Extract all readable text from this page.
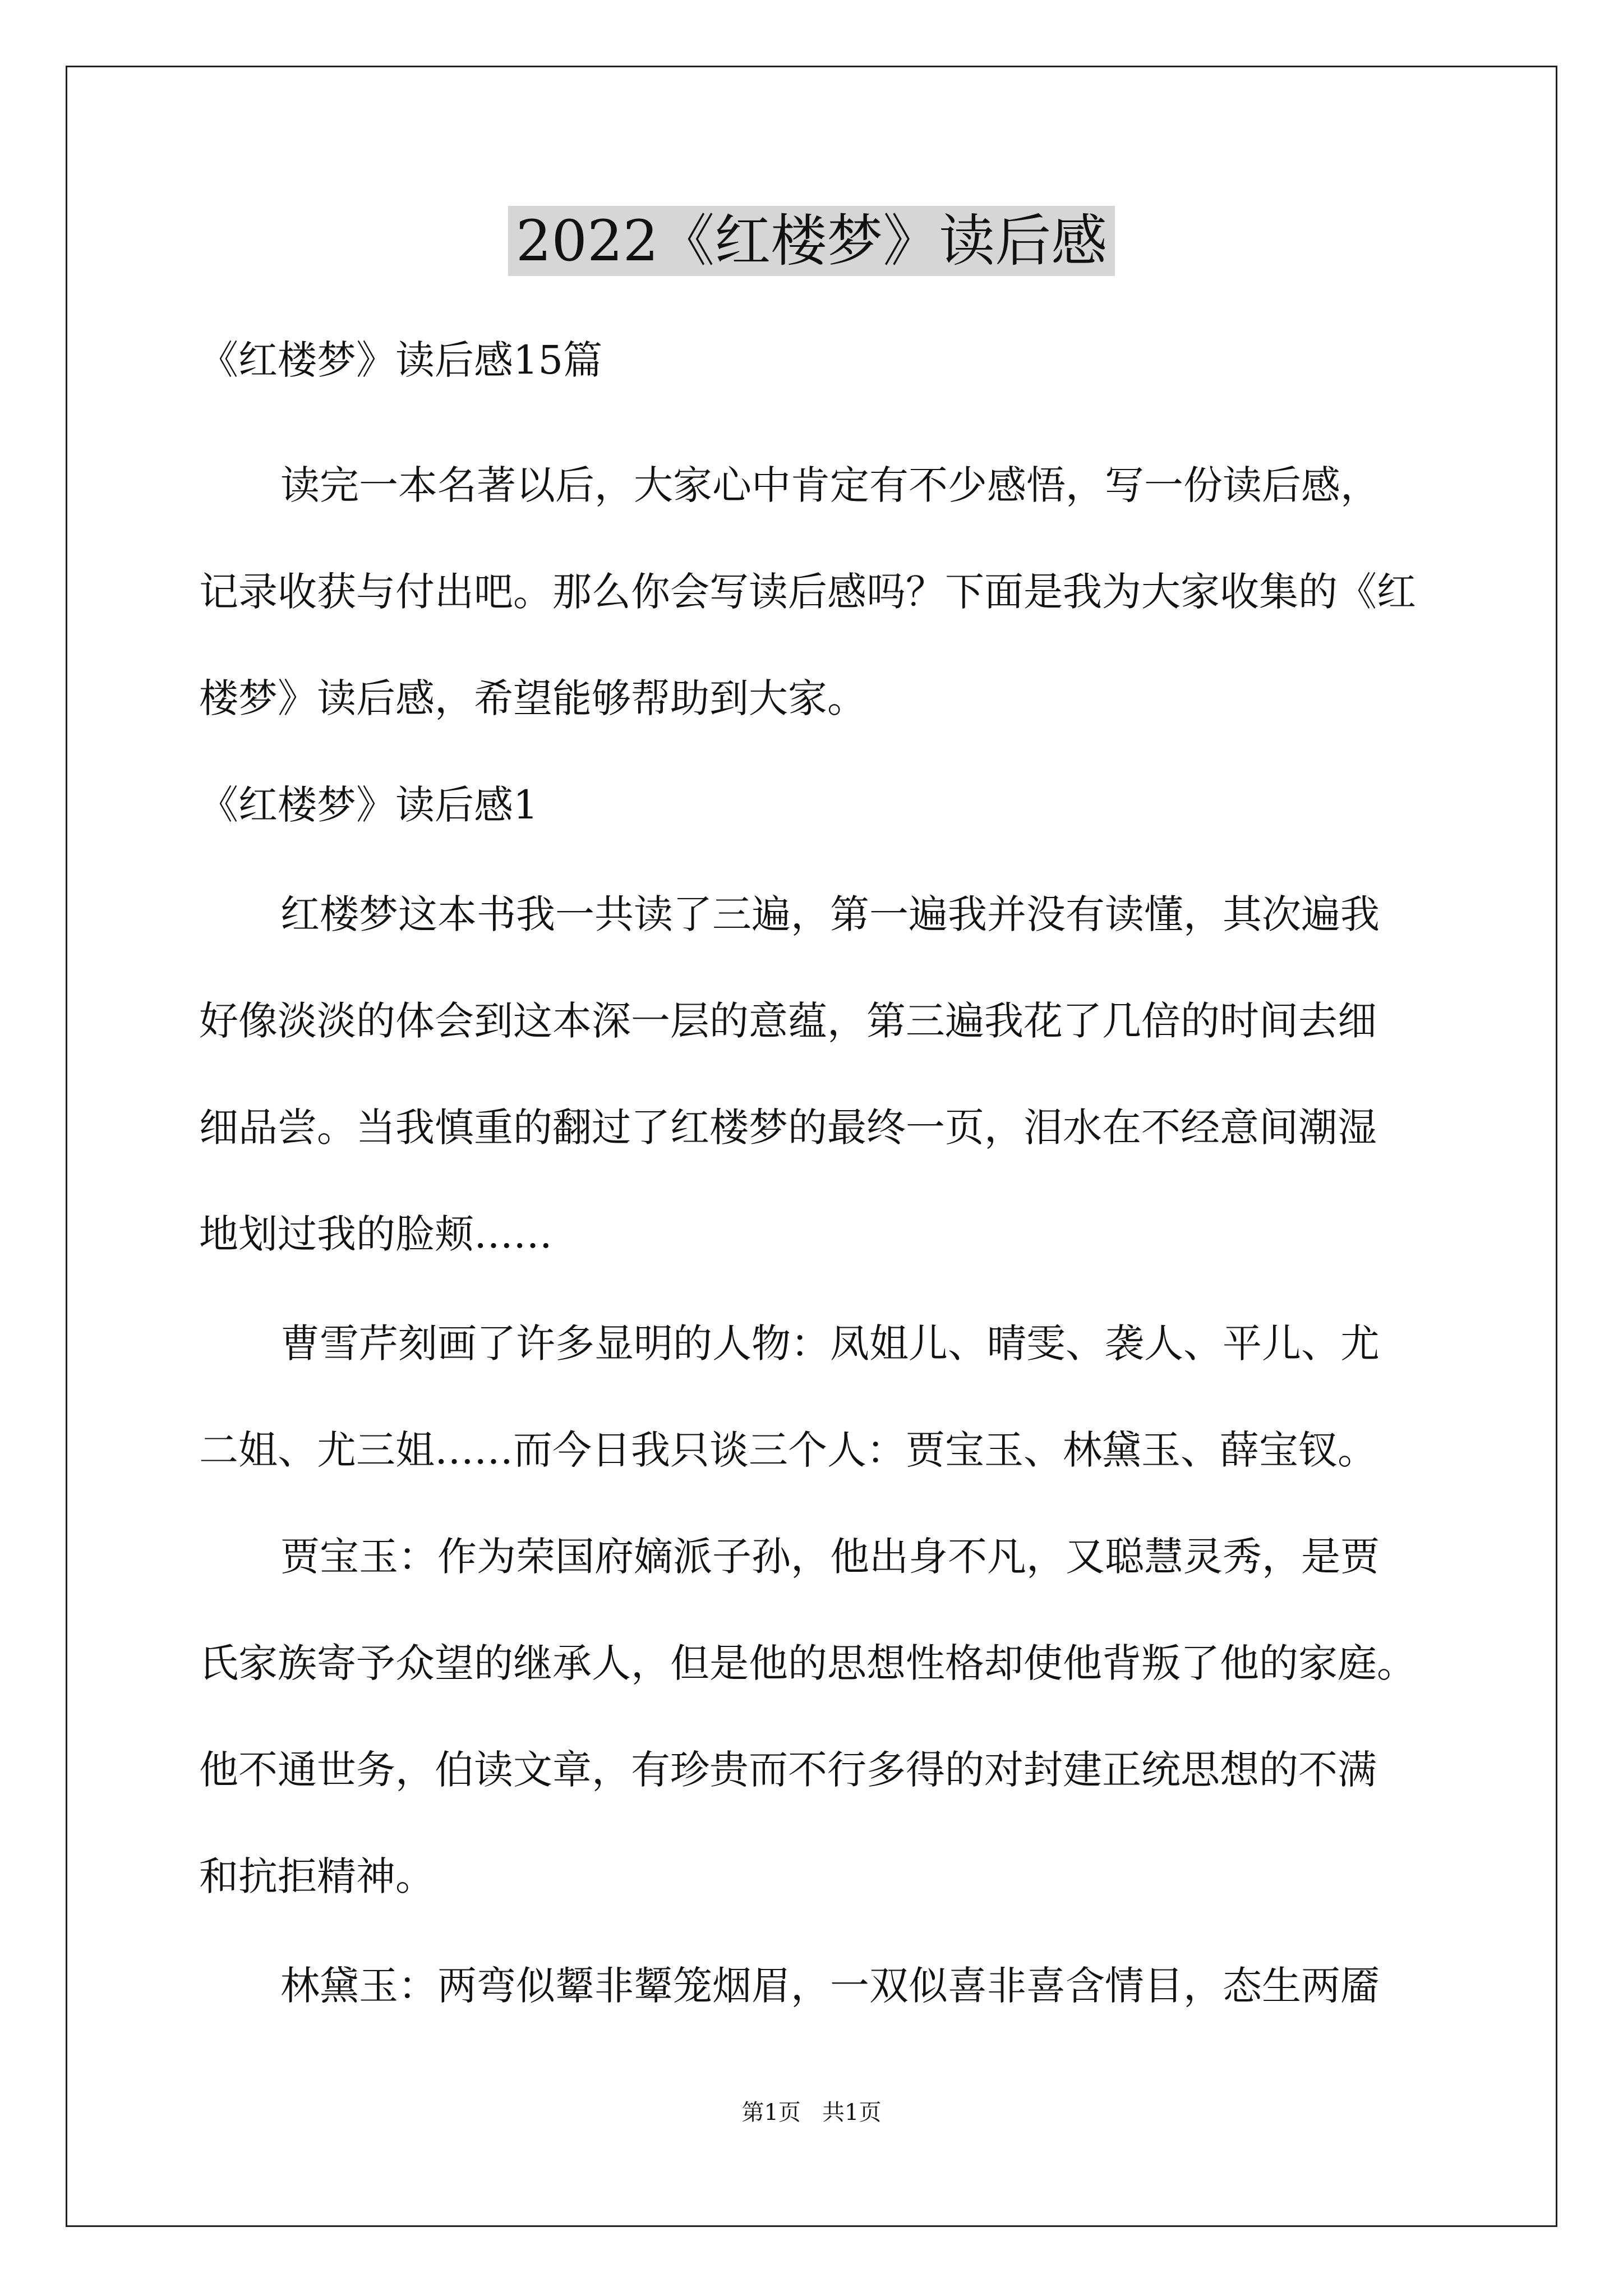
2022《红楼梦》读后感
《红楼梦》读后感15篇
读完一本名著以后，大家心中肯定有不少感悟，写一份读后感，
记录收获与付出吧。那么你会写读后感吗？下面是我为大家收集的《红
楼梦》读后感，希望能够帮助到大家。
《红楼梦》读后感1
红楼梦这本书我一共读了三遍，第一遍我并没有读懂，其次遍我
好像淡淡的体会到这本深一层的意蕴，第三遍我花了几倍的时间去细
细品尝。当我慎重的翻过了红楼梦的最终一页，泪水在不经意间潮湿
地划过我的脸颊……
曹雪芹刻画了许多显明的人物：凤姐儿、晴雯、袭人、平儿、尤
二姐、尤三姐……而今日我只谈三个人：贾宝玉、林黛玉、薛宝钗。
贾宝玉：作为荣国府嫡派子孙，他出身不凡，又聪慧灵秀，是贾
氏家族寄予众望的继承人，但是他的思想性格却使他背叛了他的家庭。
他不通世务，伯读文章，有珍贵而不行多得的对封建正统思想的不满
和抗拒精神。
林黛玉：两弯似颦非颦笼烟眉，一双似喜非喜含情目，态生两靥
第1页   共1页
